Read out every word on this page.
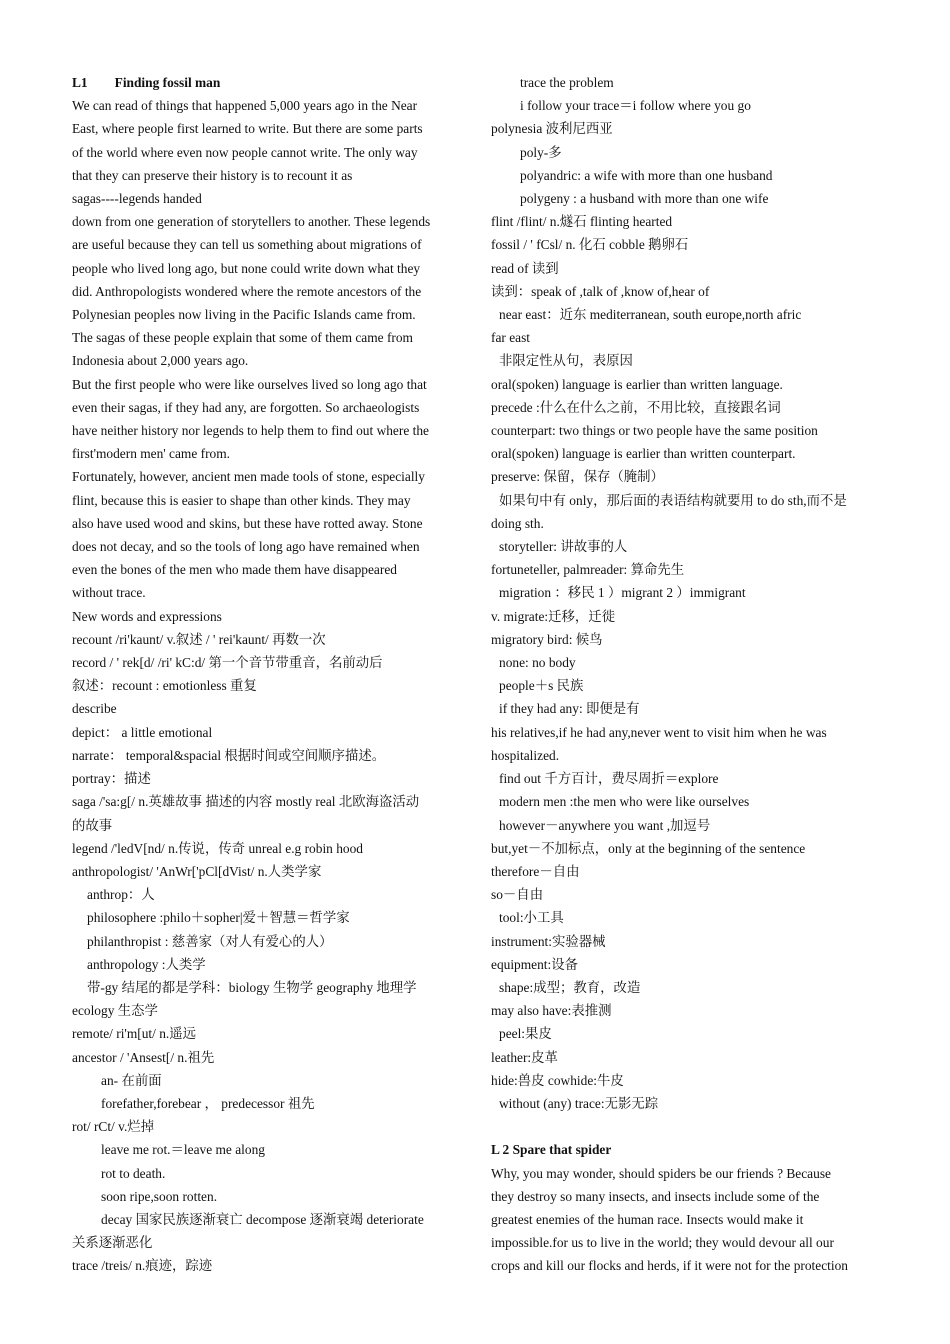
L1 Finding fossil man
We can read of things that happened 5,000 years ago in the Near
East, where people first learned to write. But there are some parts
of the world where even now people cannot write. The only way
that they can preserve their history is to recount it as
sagas----legends handed
down from one generation of storytellers to another. These legends
are useful because they can tell us something about migrations of
people who lived long ago, but none could write down what they
did. Anthropologists wondered where the remote ancestors of the
Polynesian peoples now living in the Pacific Islands came from.
The sagas of these people explain that some of them came from
Indonesia about 2,000 years ago.
But the first people who were like ourselves lived so long ago that
even their sagas, if they had any, are forgotten. So archaeologists
have neither history nor legends to help them to find out where the
first'modern men' came from.
Fortunately, however, ancient men made tools of stone, especially
flint, because this is easier to shape than other kinds. They may
also have used wood and skins, but these have rotted away. Stone
does not decay, and so the tools of long ago have remained when
even the bones of the men who made them have disappeared
without trace.
New words and expressions
recount /ri'kaunt/ v.叙述 / ' rei'kaunt/ 再数一次
record / ' rek[d/ /ri' kC:d/ 第一个音节带重音，名前动后
叙述：recount : emotionless 重复
describe
depict： a little emotional
narrate： temporal&spacial 根据时间或空间顺序描述。
portray：描述
saga /'sa:g[/ n.英雄故事 描述的内容 mostly real 北欧海盗活动
的故事
legend /'ledV[nd/ n.传说，传奇 unreal e.g robin hood
anthropologist/ 'AnWr['pCl[dVist/ n.人类学家
anthrop：人
philosophere :philo＋sopher|爱＋智慧＝哲学家
philanthropist : 慈善家（对人有爱心的人）
anthropology :人类学
带-gy 结尾的都是学科：biology 生物学 geography 地理学
ecology 生态学
remote/ ri'm[ut/ n.遥远
ancestor / 'Ansest[/ n.祖先
an- 在前面
forefather,forebear ， predecessor 祖先
rot/ rCt/ v.烂掉
leave me rot.＝leave me along
rot to death.
soon ripe,soon rotten.
decay 国家民族逐渐衰亡 decompose 逐渐衰竭 deteriorate
关系逐渐恶化
trace /treis/ n.痕迹，踪迹
trace the problem
i follow your trace＝i follow where you go
polynesia 波利尼西亚
poly-多
polyandric: a wife with more than one husband
polygeny : a husband with more than one wife
flint /flint/ n.燧石 flinting hearted
fossil / ' fCsl/ n. 化石 cobble 鹅卵石
read of 读到
读到：speak of ,talk of ,know of,hear of
near east：近东 mediterranean, south europe,north afric
far east
非限定性从句，表原因
oral(spoken) language is earlier than written language.
precede :什么在什么之前，不用比较，直接跟名词
counterpart: two things or two people have the same position
oral(spoken) language is earlier than written counterpart.
preserve: 保留，保存（腌制）
如果句中有 only，那后面的表语结构就要用 to do sth,而不是
doing sth.
storyteller: 讲故事的人
fortuneteller, palmreader: 算命先生
migration ：移民 1 ）migrant 2 ）immigrant
v. migrate:迁移，迁徙
migratory bird: 候鸟
none: no body
people＋s 民族
if they had any: 即便是有
his relatives,if he had any,never went to visit him when he was
hospitalized.
find out 千方百计，费尽周折＝explore
modern men :the men who were like ourselves
however－anywhere you want ,加逗号
but,yet－不加标点，only at the beginning of the sentence
therefore－自由
so－自由
tool:小工具
instrument:实验器械
equipment:设备
shape:成型；教育，改造
may also have:表推测
peel:果皮
leather:皮革
hide:兽皮 cowhide:牛皮
without (any) trace:无影无踪
L 2 Spare that spider
Why, you may wonder, should spiders be our friends ? Because
they destroy so many insects, and insects include some of the
greatest enemies of the human race. Insects would make it
impossible.for us to live in the world; they would devour all our
crops and kill our flocks and herds, if it were not for the protection
